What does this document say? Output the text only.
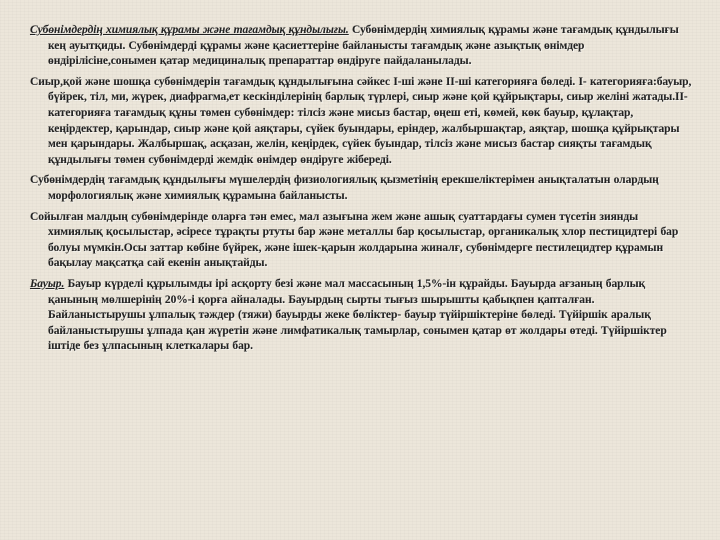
Субөнімдердің химиялық құрамы және тағамдық құндылығы. Субөнімдердің химиялық құрамы және тағамдық құндылығы кең ауытқиды. Субөнімдерді құрамы және қасиеттеріне байланысты тағамдық және азықтық өнімдер өндірілісіне,сонымен қатар медициналық препараттар өндіруге пайдаланылады.

Сиыр,қой және шошқа субөнімдерін тағамдық құндылығына сәйкес I-ші және II-ші категорияға бөледі. I- категорияға:бауыр, бүйрек, тіл, ми, жүрек, диафрагма,ет кескінділерінің барлық түрлері, сиыр және қой құйрықтары, сиыр желіні жатады.II- категорияға тағамдық құны төмен субөнімдер: тілсіз және мисыз бастар, өңеш еті, көмей, көк бауыр, құлақтар, кеңірдектер, қарындар, сиыр және қой аяқтары, сүйек буындары, еріндер, жалбыршақтар, аяқтар, шошқа құйрықтары мен қарындары. Жалбыршақ, асқазан, желін, кеңірдек, сүйек буындар, тілсіз және мисыз бастар сияқты тағамдық құндылығы төмен субөнімдерді жемдік өнімдер өндіруге жібереді.

Субөнімдердің тағамдық құндылығы мүшелердің физиологиялық қызметінің ерекшеліктерімен анықталатын олардың морфологиялық және химиялық құрамына байланысты.

Сойылған малдың субөнімдерінде оларға тән емес, мал азығына жем және ашық суаттардағы сумен түсетін зиянды химиялық қосылыстар, әсіресе тұрақты ртуты бар және металлы бар қосылыстар, органикалық хлор пестицидтері бар болуы мүмкін.Осы заттар көбіне бүйрек, және ішек-қарын жолдарына жиналғ, субөнімдерге пестилецидтер құрамын бақылау мақсатқа сай екенін анықтайды.

Бауыр. Бауыр күрделі құрылымды ірі асқорту безі және мал массасының 1,5%-ін құрайды. Бауырда ағзаның барлық қанының мөлшерінің 20%-і қорға айналады. Бауырдың сырты тығыз шырышты қабықпен қапталған. Байланыстырушы ұлпалық тәждер (тяжи) бауырды жеке бөліктер- бауыр түйіршіктеріне бөледі. Түйіршік аралық байланыстырушы ұлпада қан жүретін және лимфатикалық тамырлар, сонымен қатар өт жолдары өтеді. Түйіршіктер іштіде без ұлпасының клеткалары бар.
